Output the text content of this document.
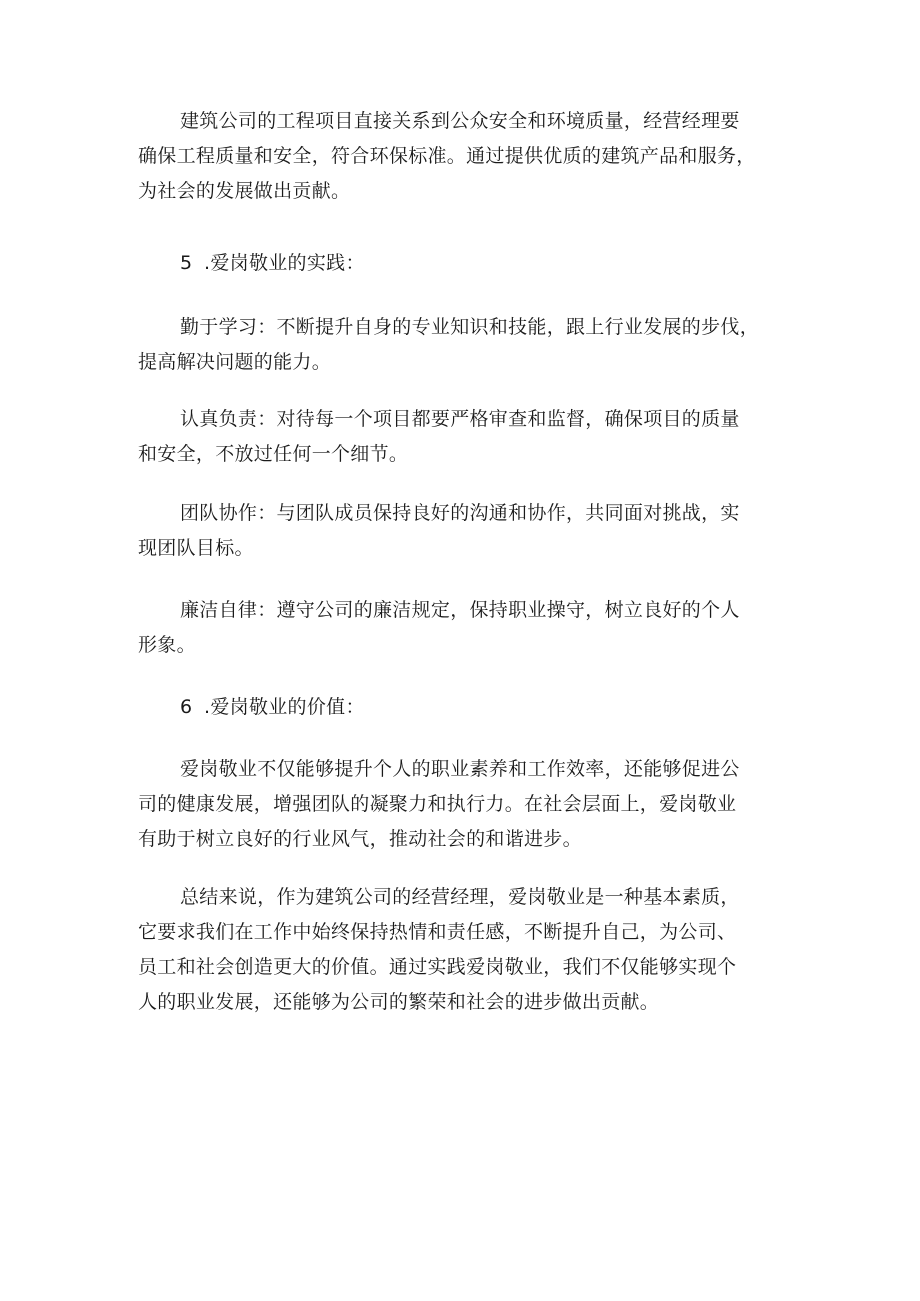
建筑公司的工程项目直接关系到公众安全和环境质量，经营经理要
确保工程质量和安全，符合环保标准。通过提供优质的建筑产品和服务，
为社会的发展做出贡献。

5 .爱岗敬业的实践：

勤于学习：不断提升自身的专业知识和技能，跟上行业发展的步伐，
提高解决问题的能力。

认真负责：对待每一个项目都要严格审查和监督，确保项目的质量
和安全，不放过任何一个细节。

团队协作：与团队成员保持良好的沟通和协作，共同面对挑战，实
现团队目标。

廉洁自律：遵守公司的廉洁规定，保持职业操守，树立良好的个人
形象。

6 .爱岗敬业的价值：

爱岗敬业不仅能够提升个人的职业素养和工作效率，还能够促进公
司的健康发展，增强团队的凝聚力和执行力。在社会层面上，爱岗敬业
有助于树立良好的行业风气，推动社会的和谐进步。

总结来说，作为建筑公司的经营经理，爱岗敬业是一种基本素质，
它要求我们在工作中始终保持热情和责任感，不断提升自己，为公司、
员工和社会创造更大的价值。通过实践爱岗敬业，我们不仅能够实现个
人的职业发展，还能够为公司的繁荣和社会的进步做出贡献。
